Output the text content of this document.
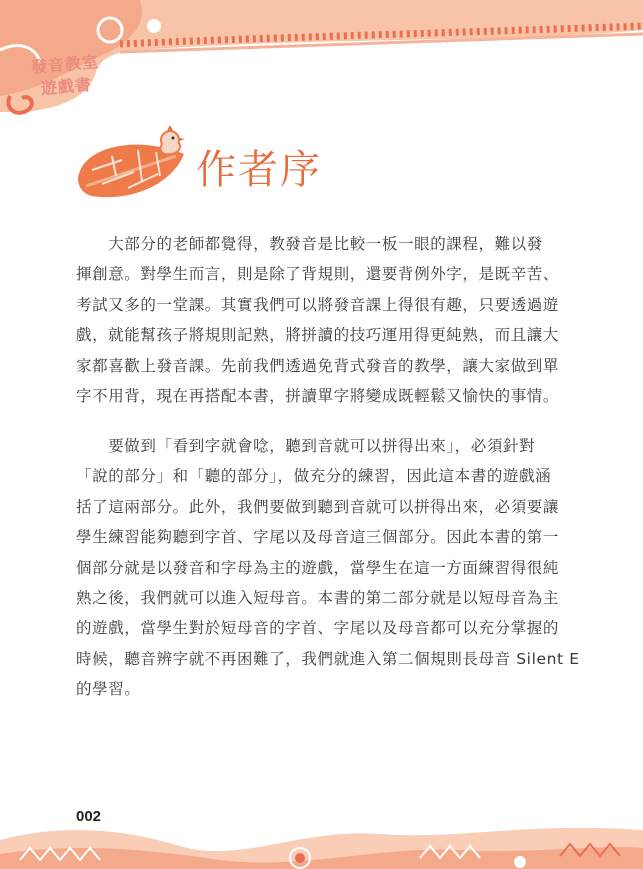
發音教室
遊戲書
作者序
　　大部分的老師都覺得，教發音是比較一板一眼的課程，難以發
揮創意。對學生而言，則是除了背規則，還要背例外字，是既辛苦、
考試又多的一堂課。其實我們可以將發音課上得很有趣，只要透過遊
戲，就能幫孩子將規則記熟，將拼讀的技巧運用得更純熟，而且讓大
家都喜歡上發音課。先前我們透過免背式發音的教學，讓大家做到單
字不用背，現在再搭配本書，拼讀單字將變成既輕鬆又愉快的事情。
　　要做到「看到字就會唸，聽到音就可以拼得出來」，必須針對
「說的部分」和「聽的部分」，做充分的練習，因此這本書的遊戲涵
括了這兩部分。此外，我們要做到聽到音就可以拼得出來，必須要讓
學生練習能夠聽到字首、字尾以及母音這三個部分。因此本書的第一
個部分就是以發音和字母為主的遊戲，當學生在這一方面練習得很純
熟之後，我們就可以進入短母音。本書的第二部分就是以短母音為主
的遊戲，當學生對於短母音的字首、字尾以及母音都可以充分掌握的
時候，聽音辨字就不再困難了，我們就進入第二個規則長母音 Silent E
的學習。
002
